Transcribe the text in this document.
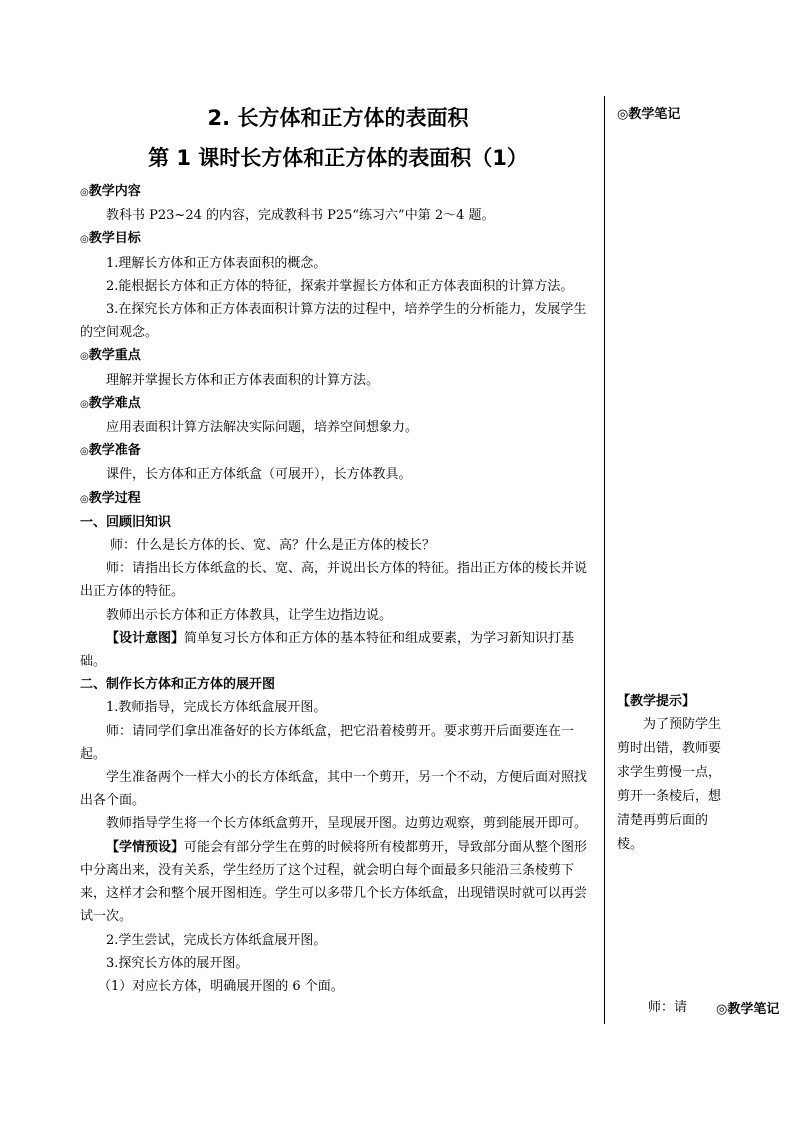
2. 长方体和正方体的表面积
第 1 课时长方体和正方体的表面积（1）

◎教学内容

教科书 P23~24 的内容，完成教科书 P25“练习六”中第 2～4 题。

◎教学目标

1.理解长方体和正方体表面积的概念。

2.能根据长方体和正方体的特征，探索并掌握长方体和正方体表面积的计算方法。

3.在探究长方体和正方体表面积计算方法的过程中，培养学生的分析能力，发展学生的空间观念。

◎教学重点

理解并掌握长方体和正方体表面积的计算方法。

◎教学难点

应用表面积计算方法解决实际问题，培养空间想象力。

◎教学准备

课件，长方体和正方体纸盒（可展开），长方体教具。

◎教学过程

一、回顾旧知识

师：什么是长方体的长、宽、高？什么是正方体的棱长？

师：请指出长方体纸盒的长、宽、高，并说出长方体的特征。指出正方体的棱长并说出正方体的特征。

教师出示长方体和正方体教具，让学生边指边说。

【设计意图】简单复习长方体和正方体的基本特征和组成要素，为学习新知识打基础。

二、制作长方体和正方体的展开图

1.教师指导，完成长方体纸盒展开图。

师：请同学们拿出准备好的长方体纸盒，把它沿着棱剪开。要求剪开后面要连在一起。

学生准备两个一样大小的长方体纸盒，其中一个剪开，另一个不动，方便后面对照找出各个面。

教师指导学生将一个长方体纸盒剪开，呈现展开图。边剪边观察，剪到能展开即可。

【学情预设】可能会有部分学生在剪的时候将所有棱都剪开，导致部分面从整个图形中分离出来，没有关系，学生经历了这个过程，就会明白每个面最多只能沿三条棱剪下来，这样才会和整个展开图相连。学生可以多带几个长方体纸盒，出现错误时就可以再尝试一次。

2.学生尝试，完成长方体纸盒展开图。

3.探究长方体的展开图。

（1）对应长方体，明确展开图的 6 个面。

◎教学笔记
【教学提示】
为了预防学生剪时出错，教师要求学生剪慢一点，剪开一条棱后，想清楚再剪后面的棱。
师：请 ◎教学笔记
